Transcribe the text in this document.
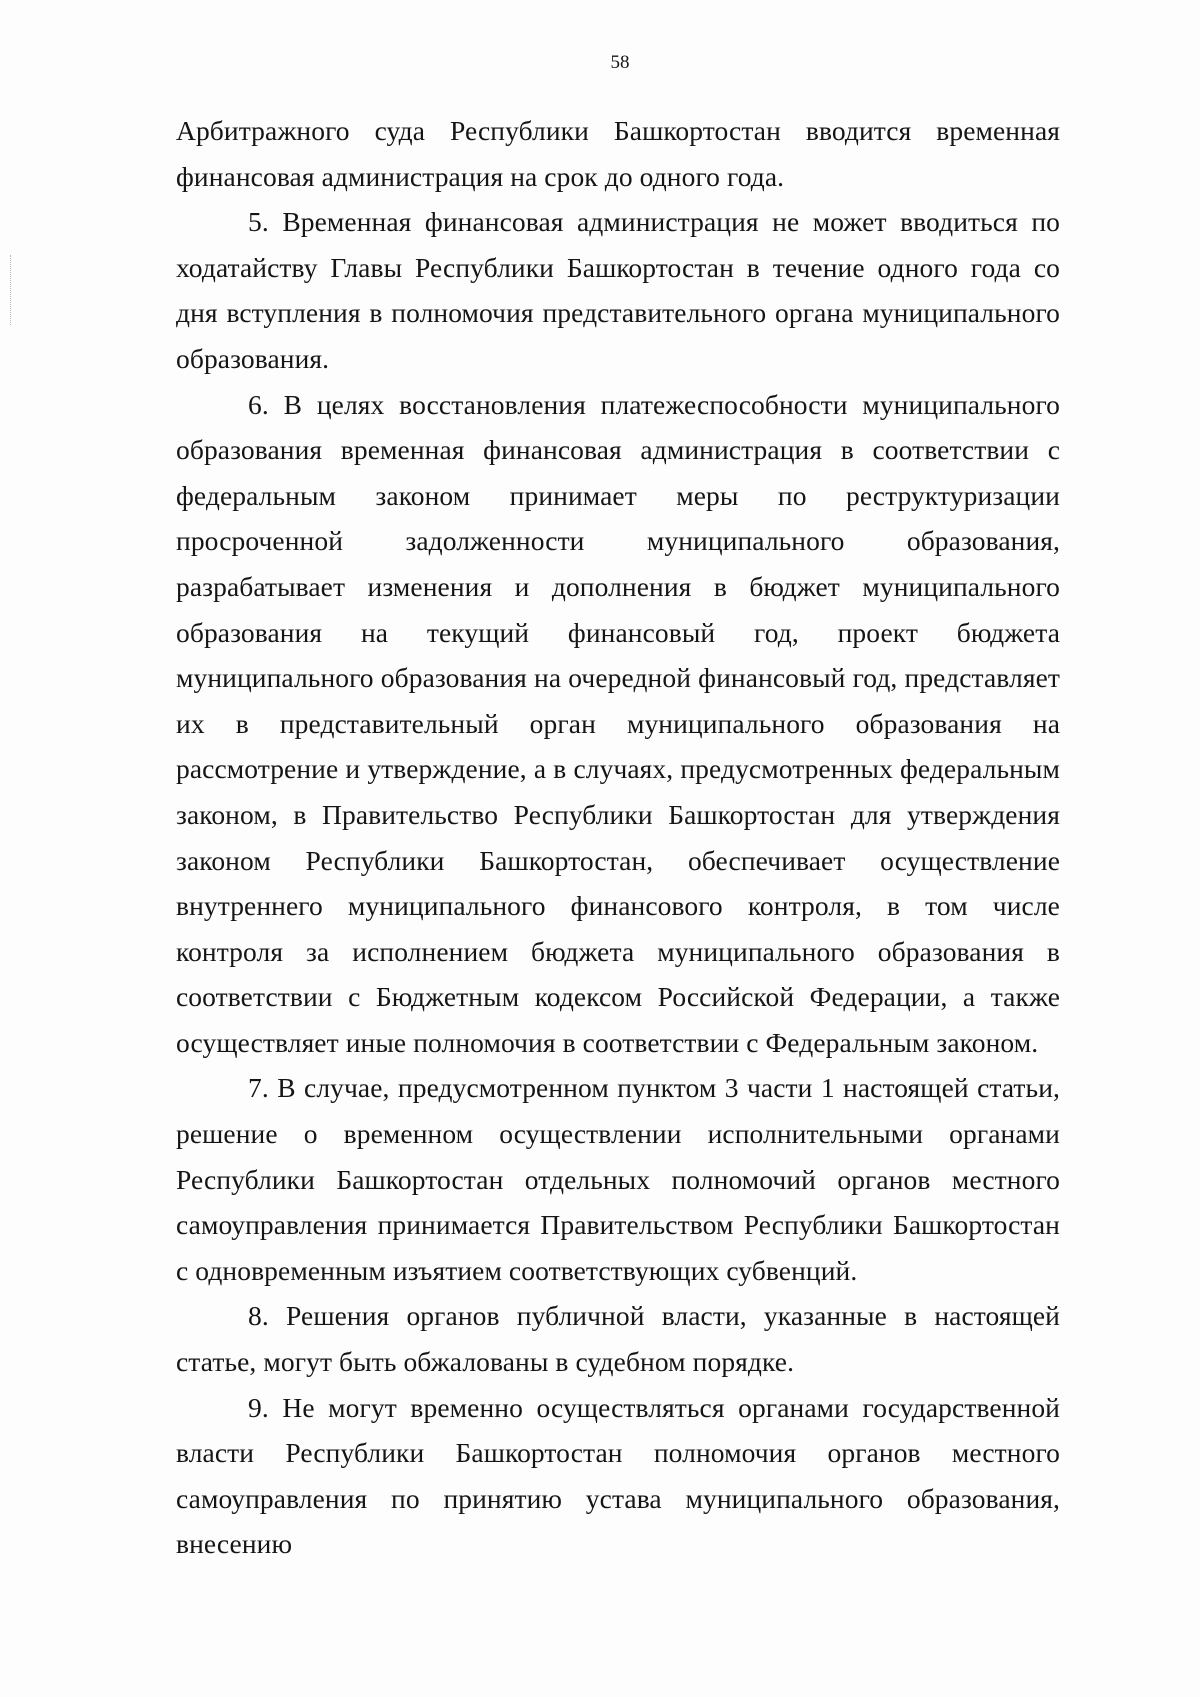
58

Арбитражного суда Республики Башкортостан вводится временная финансовая администрация на срок до одного года.

5. Временная финансовая администрация не может вводиться по ходатайству Главы Республики Башкортостан в течение одного года со дня вступления в полномочия представительного органа муниципального образования.

6. В целях восстановления платежеспособности муниципального образования временная финансовая администрация в соответствии с федеральным законом принимает меры по реструктуризации просроченной задолженности муниципального образования, разрабатывает изменения и дополнения в бюджет муниципального образования на текущий финансовый год, проект бюджета муниципального образования на очередной финансовый год, представляет их в представительный орган муниципального образования на рассмотрение и утверждение, а в случаях, предусмотренных федеральным законом, в Правительство Республики Башкортостан для утверждения законом Республики Башкортостан, обеспечивает осуществление внутреннего муниципального финансового контроля, в том числе контроля за исполнением бюджета муниципального образования в соответствии с Бюджетным кодексом Российской Федерации, а также осуществляет иные полномочия в соответствии с Федеральным законом.

7. В случае, предусмотренном пунктом 3 части 1 настоящей статьи, решение о временном осуществлении исполнительными органами Республики Башкортостан отдельных полномочий органов местного самоуправления принимается Правительством Республики Башкортостан с одновременным изъятием соответствующих субвенций.

8. Решения органов публичной власти, указанные в настоящей статье, могут быть обжалованы в судебном порядке.

9. Не могут временно осуществляться органами государственной власти Республики Башкортостан полномочия органов местного самоуправления по принятию устава муниципального образования, внесению
